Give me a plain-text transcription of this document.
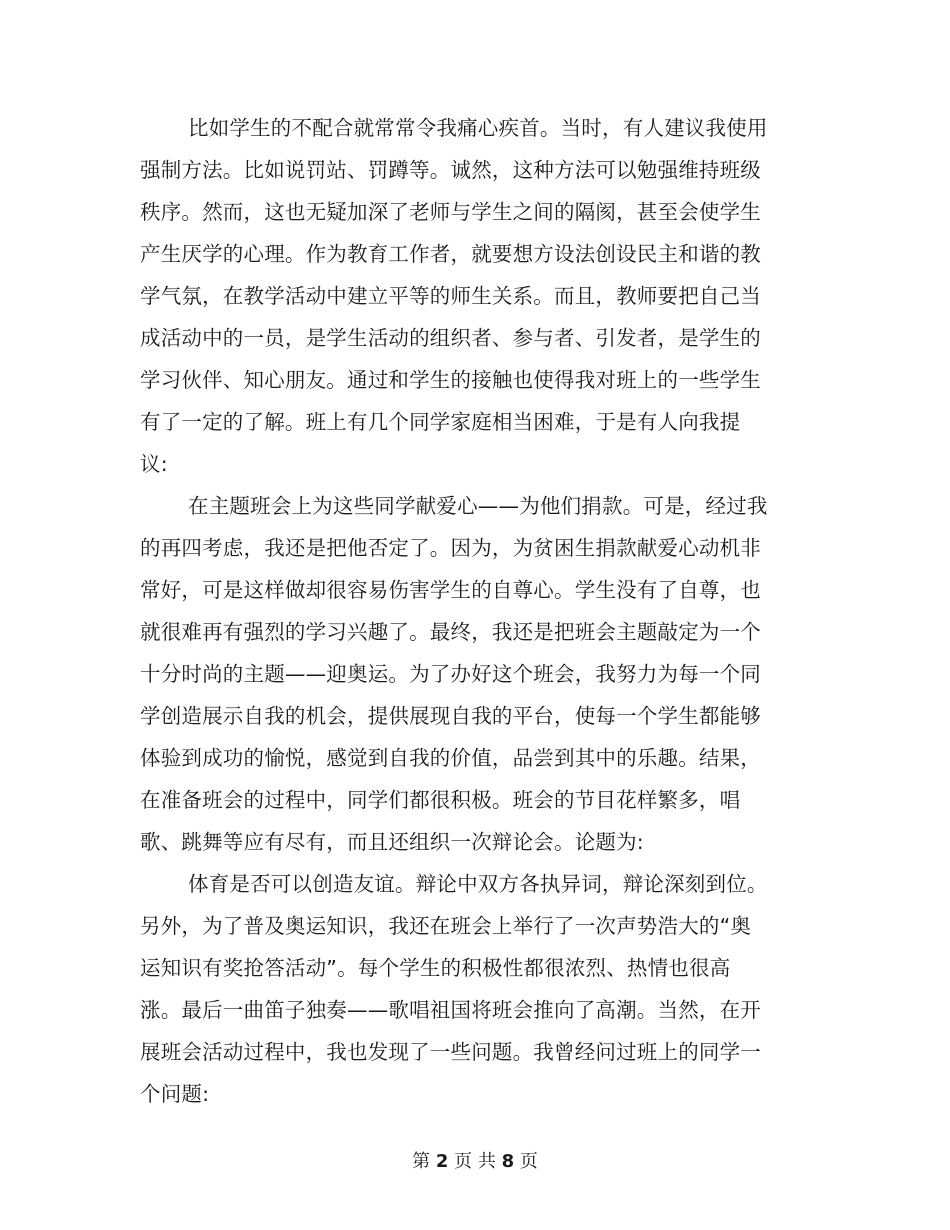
比如学生的不配合就常常令我痛心疾首。当时，有人建议我使用
强制方法。比如说罚站、罚蹲等。诚然，这种方法可以勉强维持班级
秩序。然而，这也无疑加深了老师与学生之间的隔阂，甚至会使学生
产生厌学的心理。作为教育工作者，就要想方设法创设民主和谐的教
学气氛，在教学活动中建立平等的师生关系。而且，教师要把自己当
成活动中的一员，是学生活动的组织者、参与者、引发者，是学生的
学习伙伴、知心朋友。通过和学生的接触也使得我对班上的一些学生
有了一定的了解。班上有几个同学家庭相当困难，于是有人向我提
议:
在主题班会上为这些同学献爱心——为他们捐款。可是，经过我
的再四考虑，我还是把他否定了。因为，为贫困生捐款献爱心动机非
常好，可是这样做却很容易伤害学生的自尊心。学生没有了自尊，也
就很难再有强烈的学习兴趣了。最终，我还是把班会主题敲定为一个
十分时尚的主题——迎奥运。为了办好这个班会，我努力为每一个同
学创造展示自我的机会，提供展现自我的平台，使每一个学生都能够
体验到成功的愉悦，感觉到自我的价值，品尝到其中的乐趣。结果，
在准备班会的过程中，同学们都很积极。班会的节目花样繁多，唱
歌、跳舞等应有尽有，而且还组织一次辩论会。论题为:
体育是否可以创造友谊。辩论中双方各执异词，辩论深刻到位。
另外，为了普及奥运知识，我还在班会上举行了一次声势浩大的“奥
运知识有奖抢答活动”。每个学生的积极性都很浓烈、热情也很高
涨。最后一曲笛子独奏——歌唱祖国将班会推向了高潮。当然，在开
展班会活动过程中，我也发现了一些问题。我曾经问过班上的同学一
个问题:
第 2 页 共 8 页
